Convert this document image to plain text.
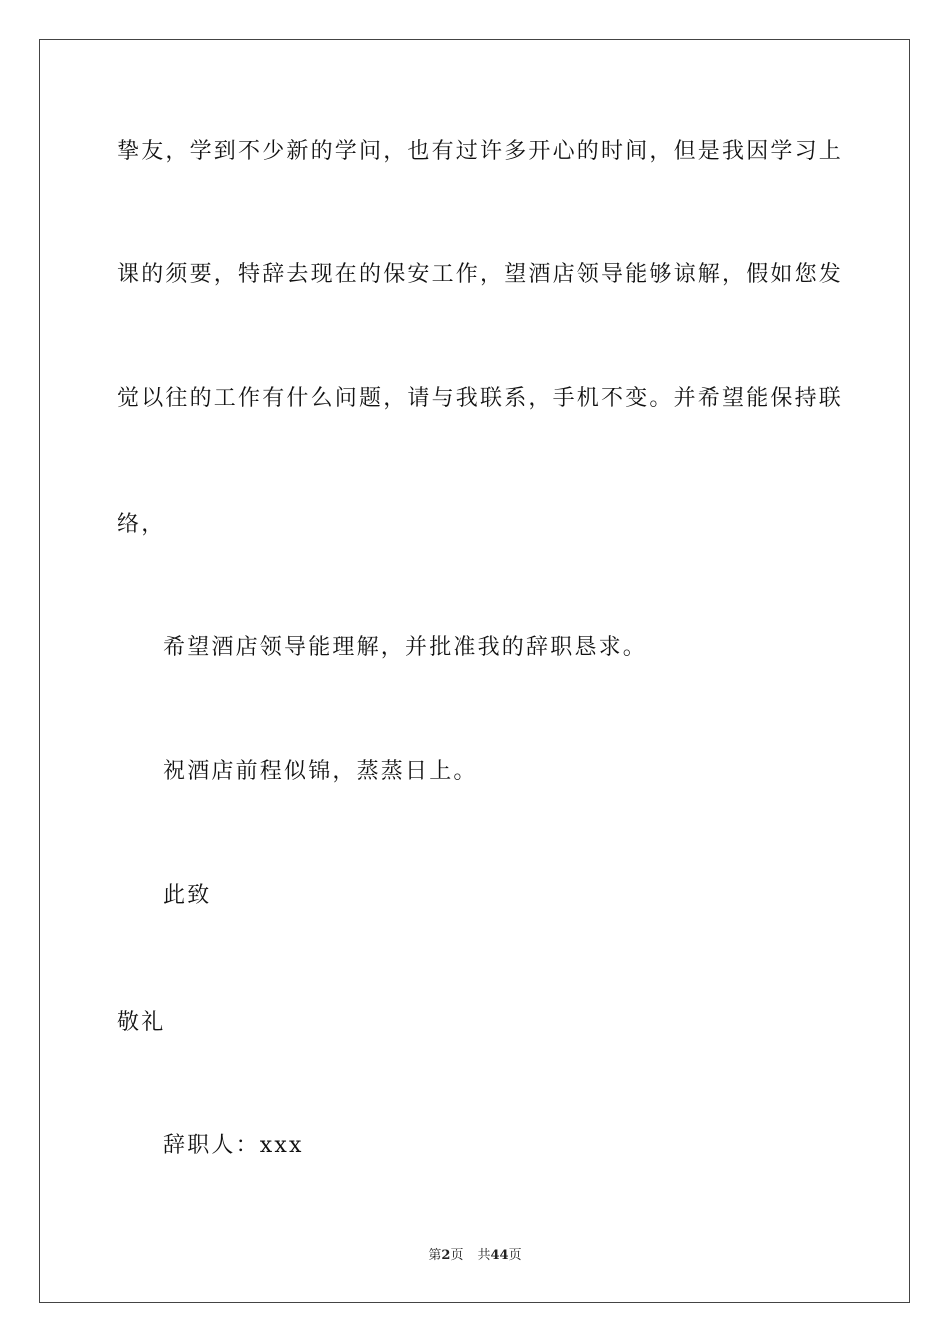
挚友，学到不少新的学问，也有过许多开心的时间，但是我因学习上
课的须要，特辞去现在的保安工作，望酒店领导能够谅解，假如您发
觉以往的工作有什么问题，请与我联系，手机不变。并希望能保持联
络，
希望酒店领导能理解，并批准我的辞职恳求。
祝酒店前程似锦，蒸蒸日上。
此致
敬礼
辞职人：xxx
第2页 共44页
